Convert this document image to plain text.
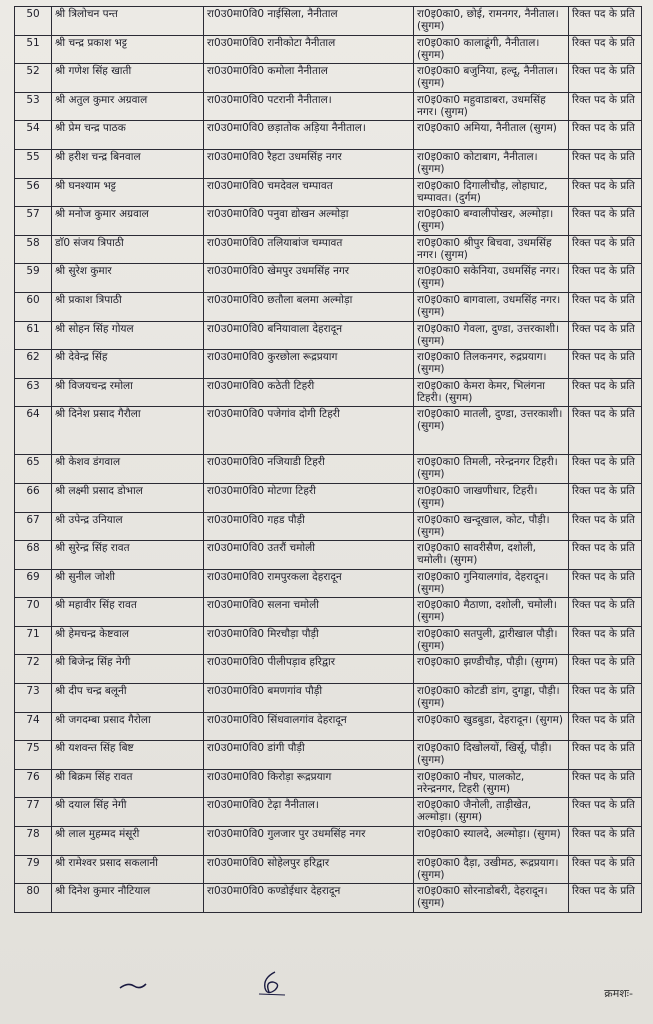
50	श्री त्रिलोचन पन्त	रा0उ0मा0वि0 नाईसिला, नैनीताल	रा0इ0का0, छोई, रामनगर, नैनीताल। (सुगम)	रिक्त पद के प्रति
51	श्री चन्द्र प्रकाश भट्ट	रा0उ0मा0वि0 रानीकोटा नैनीताल	रा0इ0का0 कालाढूंगी, नैनीताल। (सुगम)	रिक्त पद के प्रति
52	श्री गणेश सिंह खाती	रा0उ0मा0वि0 कमोला नैनीताल	रा0इ0का0 बजुनिया, हल्दू, नैनीताल। (सुगम)	रिक्त पद के प्रति
53	श्री अतुल कुमार अग्रवाल	रा0उ0मा0वि0 पटरानी नैनीताल।	रा0इ0का0 महुवाडाबरा, उधमसिंह नगर। (सुगम)	रिक्त पद के प्रति
54	श्री प्रेम चन्द्र पाठक	रा0उ0मा0वि0 छड़ातोक अड़िया नैनीताल।	रा0इ0का0 अमिया, नैनीताल (सुगम)	रिक्त पद के प्रति
55	श्री हरीश चन्द्र बिनवाल	रा0उ0मा0वि0 रैहटा उधमसिंह नगर	रा0इ0का0 कोटाबाग, नैनीताल। (सुगम)	रिक्त पद के प्रति
56	श्री घनश्याम भट्ट	रा0उ0मा0वि0 चमदेवल चम्पावत	रा0इ0का0 दिगालीचौड़, लोहाघाट, चम्पावत। (दुर्गम)	रिक्त पद के प्रति
57	श्री मनोज कुमार अग्रवाल	रा0उ0मा0वि0 पनुवा द्योखन अल्मोड़ा	रा0इ0का0 बग्वालीपोखर, अल्मोड़ा। (सुगम)	रिक्त पद के प्रति
58	डाॅ0 संजय त्रिपाठी	रा0उ0मा0वि0 तलियाबांज चम्पावत	रा0इ0का0 श्रीपुर बिचवा, उधमसिंह नगर। (सुगम)	रिक्त पद के प्रति
59	श्री सुरेश कुमार	रा0उ0मा0वि0 खेमपुर उधमसिंह नगर	रा0इ0का0 सकेनिया, उधमसिंह नगर। (सुगम)	रिक्त पद के प्रति
60	श्री प्रकाश त्रिपाठी	रा0उ0मा0वि0 छतौला बलमा अल्मोड़ा	रा0इ0का0 बागवाला, उधमसिंह नगर। (सुगम)	रिक्त पद के प्रति
61	श्री सोहन सिंह गोयल	रा0उ0मा0वि0 बनियावाला देहरादून	रा0इ0का0 गेवला, दुण्डा, उत्तरकाशी। (सुगम)	रिक्त पद के प्रति
62	श्री देवेन्द्र सिंह	रा0उ0मा0वि0 कुरछोला रूद्रप्रयाग	रा0इ0का0 तिलकनगर, रुद्रप्रयाग। (सुगम)	रिक्त पद के प्रति
63	श्री विजयचन्द्र रमोला	रा0उ0मा0वि0 कठेती टिहरी	रा0इ0का0 केमरा केमर, भिलंगना टिहरी। (सुगम)	रिक्त पद के प्रति
64	श्री दिनेश प्रसाद गैरौला	रा0उ0मा0वि0 पजेगांव दोगी टिहरी	रा0इ0का0 मातली, दुण्डा, उत्तरकाशी। (सुगम)	रिक्त पद के प्रति
65	श्री केशव डंगवाल	रा0उ0मा0वि0 नजियाडी टिहरी	रा0इ0का0 तिमली, नरेन्द्रनगर टिहरी। (सुगम)	रिक्त पद के प्रति
66	श्री लक्ष्मी प्रसाद डोभाल	रा0उ0मा0वि0 मोटणा टिहरी	रा0इ0का0 जाखणीधार, टिहरी। (सुगम)	रिक्त पद के प्रति
67	श्री उपेन्द्र उनियाल	रा0उ0मा0वि0 गहड पौड़ी	रा0इ0का0 खन्दूखाल, कोट, पौड़ी। (सुगम)	रिक्त पद के प्रति
68	श्री सुरेन्द्र सिंह रावत	रा0उ0मा0वि0 उतरौं चमोली	रा0इ0का0 सावरीसैण, दशोली, चमोली। (सुगम)	रिक्त पद के प्रति
69	श्री सुनील जोशी	रा0उ0मा0वि0 रामपुरकला देहरादून	रा0इ0का0 गुनियालगांव, देहरादून। (सुगम)	रिक्त पद के प्रति
70	श्री महावीर सिंह रावत	रा0उ0मा0वि0 सलना चमोली	रा0इ0का0 मैठाणा, दशोली, चमोली। (सुगम)	रिक्त पद के प्रति
71	श्री हेमचन्द्र केष्टवाल	रा0उ0मा0वि0 मिरचौड़ा पौड़ी	रा0इ0का0 सतपुली, द्वारीखाल पौड़ी। (सुगम)	रिक्त पद के प्रति
72	श्री बिजेन्द्र सिंह नेगी	रा0उ0मा0वि0 पीलीपड़ाव हरिद्वार	रा0इ0का0 झण्डीचौड़, पौड़ी। (सुगम)	रिक्त पद के प्रति
73	श्री दीप चन्द्र बलूनी	रा0उ0मा0वि0 बमणगांव पौड़ी	रा0इ0का0 कोटडी डांग, दुगड्डा, पौड़ी। (सुगम)	रिक्त पद के प्रति
74	श्री जगदम्बा प्रसाद गैरोला	रा0उ0मा0वि0 सिंधवालगांव देहरादून	रा0इ0का0 खुडबुडा, देहरादून। (सुगम)	रिक्त पद के प्रति
75	श्री यशवन्त सिंह बिष्ट	रा0उ0मा0वि0 डांगी पौड़ी	रा0इ0का0 दिखोलयों, खिर्सू, पौड़ी। (सुगम)	रिक्त पद के प्रति
76	श्री बिक्रम सिंह रावत	रा0उ0मा0वि0 किरोड़ा रूद्रप्रयाग	रा0इ0का0 नौघर, पालकोट, नरेन्द्रनगर, टिहरी (सुगम)	रिक्त पद के प्रति
77	श्री दयाल सिंह नेगी	रा0उ0मा0वि0 टेढ़ा नैनीताल।	रा0इ0का0 जैनोली, ताड़ीखेत, अल्मोड़ा। (सुगम)	रिक्त पद के प्रति
78	श्री लाल मुहम्मद मंसूरी	रा0उ0मा0वि0 गुलजार पुर उधमसिंह नगर	रा0इ0का0 स्यालदे, अल्मोड़ा। (सुगम)	रिक्त पद के प्रति
79	श्री रामेश्वर प्रसाद सकलानी	रा0उ0मा0वि0 सोहेलपुर हरिद्वार	रा0इ0का0 दैड़ा, उखीमठ, रूद्रप्रयाग। (सुगम)	रिक्त पद के प्रति
80	श्री दिनेश कुमार नौटियाल	रा0उ0मा0वि0 कण्डोईधार देहरादून	रा0इ0का0 सोरनाडोबरी, देहरादून। (सुगम)	रिक्त पद के प्रति
क्रमशः-
